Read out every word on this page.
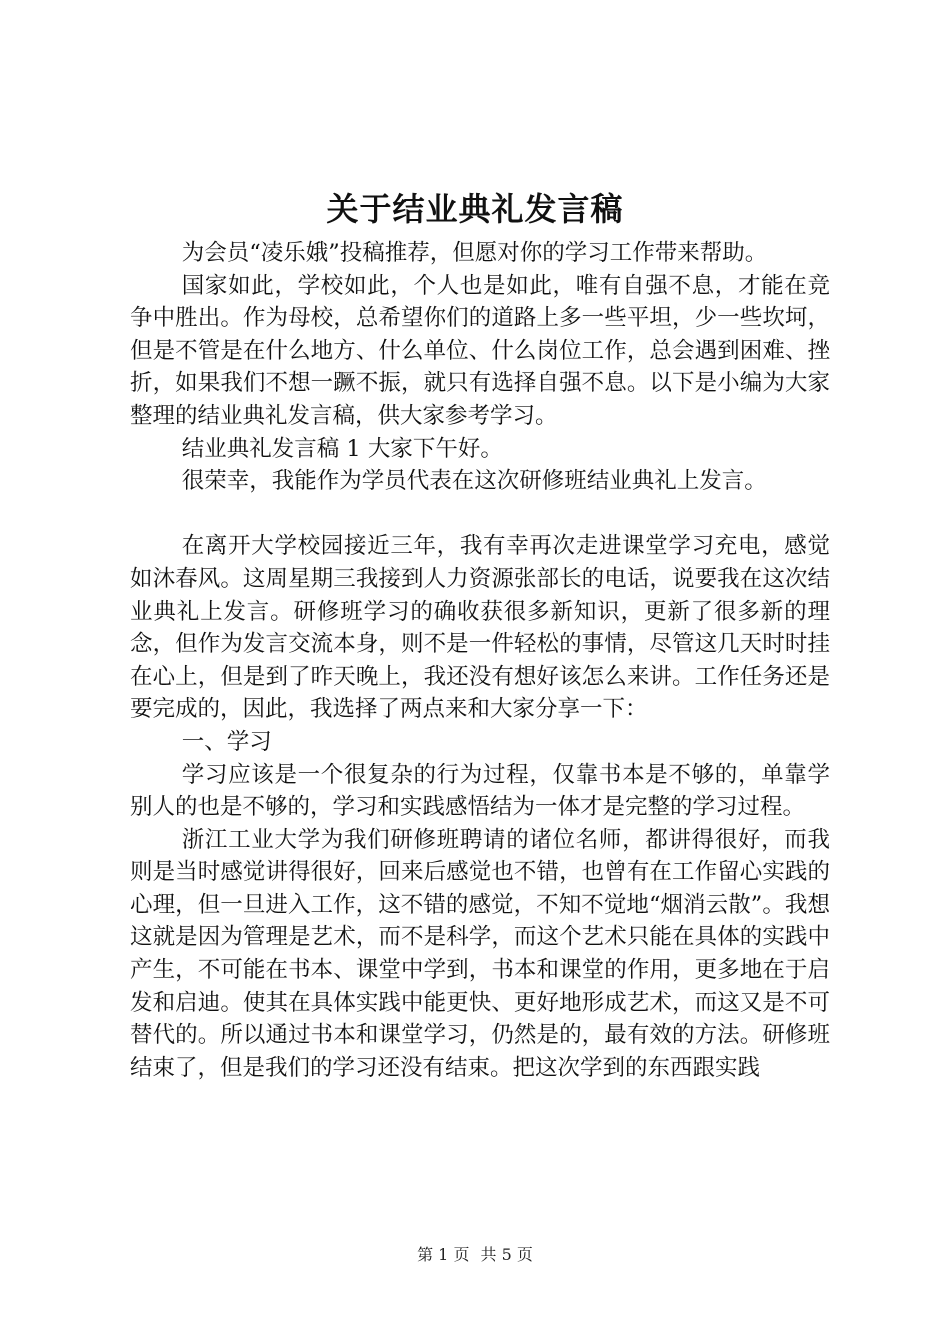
关于结业典礼发言稿

为会员“凌乐娥”投稿推荐，但愿对你的学习工作带来帮助。

国家如此，学校如此，个人也是如此，唯有自强不息，才能在竞争中胜出。作为母校，总希望你们的道路上多一些平坦，少一些坎坷，但是不管是在什么地方、什么单位、什么岗位工作，总会遇到困难、挫折，如果我们不想一蹶不振，就只有选择自强不息。以下是小编为大家整理的结业典礼发言稿，供大家参考学习。

结业典礼发言稿 1 大家下午好。

很荣幸，我能作为学员代表在这次研修班结业典礼上发言。

在离开大学校园接近三年，我有幸再次走进课堂学习充电，感觉如沐春风。这周星期三我接到人力资源张部长的电话，说要我在这次结业典礼上发言。研修班学习的确收获很多新知识，更新了很多新的理念，但作为发言交流本身，则不是一件轻松的事情，尽管这几天时时挂在心上，但是到了昨天晚上，我还没有想好该怎么来讲。工作任务还是要完成的，因此，我选择了两点来和大家分享一下：

一、学习

学习应该是一个很复杂的行为过程，仅靠书本是不够的，单靠学别人的也是不够的，学习和实践感悟结为一体才是完整的学习过程。

浙江工业大学为我们研修班聘请的诸位名师，都讲得很好，而我则是当时感觉讲得很好，回来后感觉也不错，也曾有在工作留心实践的心理，但一旦进入工作，这不错的感觉，不知不觉地“烟消云散”。我想这就是因为管理是艺术，而不是科学，而这个艺术只能在具体的实践中产生，不可能在书本、课堂中学到，书本和课堂的作用，更多地在于启发和启迪。使其在具体实践中能更快、更好地形成艺术，而这又是不可替代的。所以通过书本和课堂学习，仍然是的，最有效的方法。研修班结束了，但是我们的学习还没有结束。把这次学到的东西跟实践

第 1 页 共 5 页
